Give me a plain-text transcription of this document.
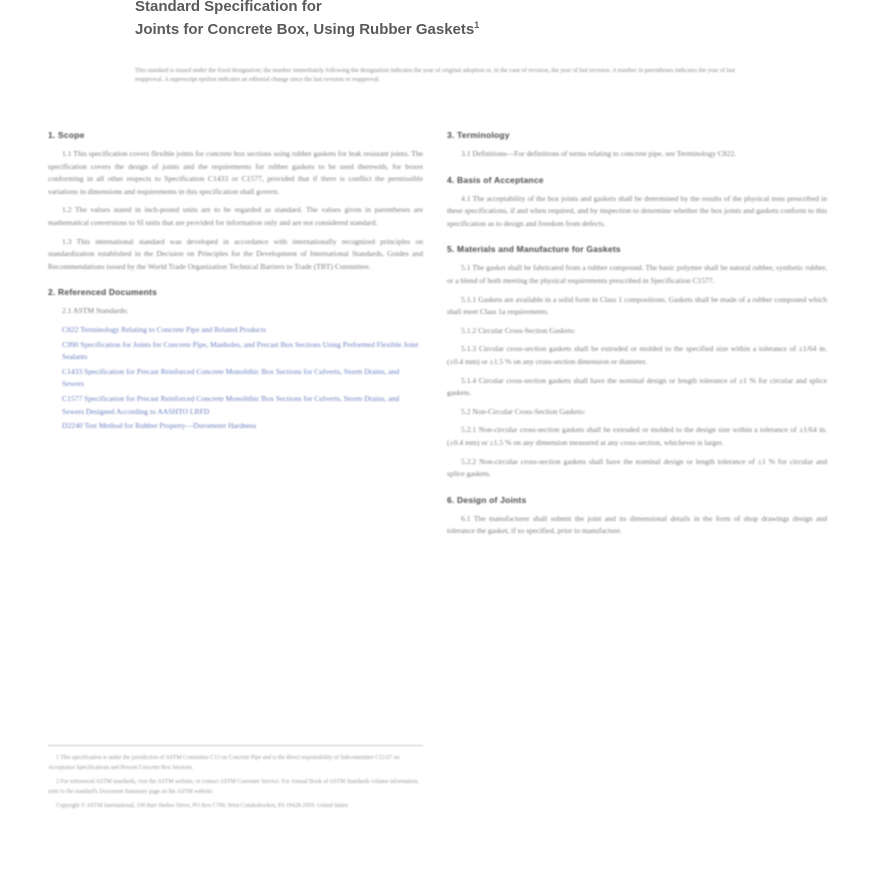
Standard Specification for
Joints for Concrete Box, Using Rubber Gaskets$^1$
This standard is issued under the fixed designation; the number immediately following the designation indicates the year of original adoption or, in the case of revision, the year of last revision. A number in parentheses indicates the year of last reapproval. A superscript epsilon indicates an editorial change since the last revision or reapproval.
1. Scope

1.1 This specification covers flexible joints for concrete box sections using rubber gaskets for leak resistant joints. The specification covers the design of joints and the requirements for rubber gaskets to be used therewith, for boxes conforming in all other respects to Specification C1433 or C1577, provided that if there is conflict the permissible variations in dimensions and requirements in this specification shall govern.

1.2 The values stated in inch-pound units are to be regarded as standard. The values given in parentheses are mathematical conversions to SI units that are provided for information only and are not considered standard.

1.3 This international standard was developed in accordance with internationally recognized principles on standardization established in the Decision on Principles for the Development of International Standards, Guides and Recommendations issued by the World Trade Organization Technical Barriers to Trade (TBT) Committee.

2. Referenced Documents

2.1 ASTM Standards:

C822 Terminology Relating to Concrete Pipe and Related Products
C990 Specification for Joints for Concrete Pipe, Manholes, and Precast Box Sections Using Preformed Flexible Joint Sealants
C1433 Specification for Precast Reinforced Concrete Monolithic Box Sections for Culverts, Storm Drains, and Sewers
C1577 Specification for Precast Reinforced Concrete Monolithic Box Sections for Culverts, Storm Drains, and Sewers Designed According to AASHTO LRFD
D2240 Test Method for Rubber Property—Durometer Hardness

1 This specification is under the jurisdiction of ASTM Committee C13 on Concrete Pipe and is the direct responsibility of Subcommittee C13.07 on Acceptance Specifications and Precast Concrete Box Sections.

2 For referenced ASTM standards, visit the ASTM website, or contact ASTM Customer Service. For Annual Book of ASTM Standards volume information, refer to the standard's Document Summary page on the ASTM website.

Copyright © ASTM International, 100 Barr Harbor Drive, PO Box C700, West Conshohocken, PA 19428-2959. United States

3. Terminology

3.1 Definitions—For definitions of terms relating to concrete pipe, see Terminology C822.

4. Basis of Acceptance

4.1 The acceptability of the box joints and gaskets shall be determined by the results of the physical tests prescribed in these specifications, if and when required, and by inspection to determine whether the box joints and gaskets conform to this specification as to design and freedom from defects.

5. Materials and Manufacture for Gaskets

5.1 The gasket shall be fabricated from a rubber compound. The basic polymer shall be natural rubber, synthetic rubber, or a blend of both meeting the physical requirements prescribed in Specification C1577.

5.1.1 Gaskets are available in a solid form in Class 1 compositions. Gaskets shall be made of a rubber compound which shall meet Class 1a requirements.

5.1.2 Circular Cross-Section Gaskets:

5.1.3 Circular cross-section gaskets shall be extruded or molded to the specified size within a tolerance of ±1/64 in. (±0.4 mm) or ±1.5 % on any cross-section dimension or diameter.

5.1.4 Circular cross-section gaskets shall have the nominal design or length tolerance of ±1 % for circular and splice gaskets.

5.2 Non-Circular Cross-Section Gaskets:

5.2.1 Non-circular cross-section gaskets shall be extruded or molded to the design size within a tolerance of ±1/64 in. (±0.4 mm) or ±1.5 % on any dimension measured at any cross-section, whichever is larger.

5.2.2 Non-circular cross-section gaskets shall have the nominal design or length tolerance of ±1 % for circular and splice gaskets.

6. Design of Joints

6.1 The manufacturer shall submit the joint and its dimensional details in the form of shop drawings design and tolerance the gasket, if so specified, prior to manufacture.
